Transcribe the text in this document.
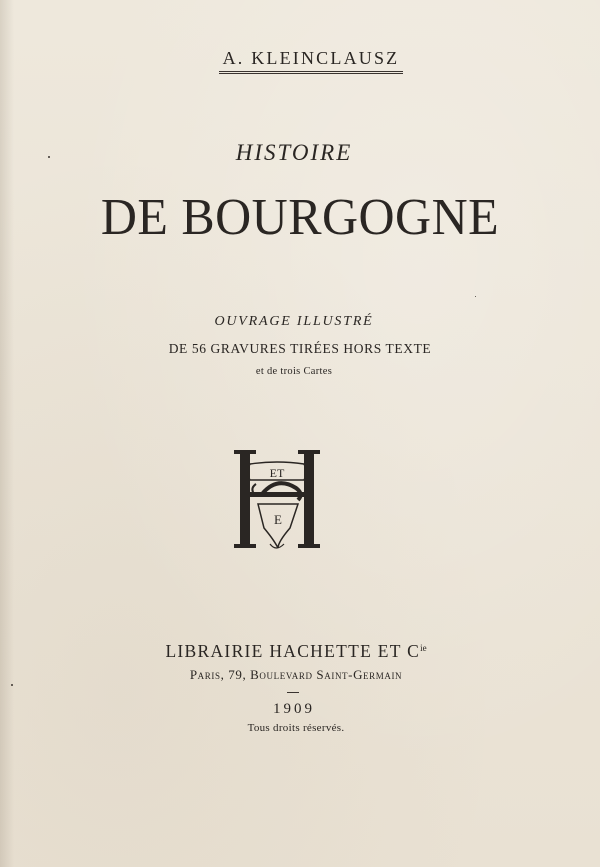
A. KLEINCLAUSZ
HISTOIRE
DE BOURGOGNE
OUVRAGE ILLUSTRÉ
DE 56 GRAVURES TIRÉES HORS TEXTE
et de trois Cartes
ET
E
LIBRAIRIE HACHETTE ET $C^{ie}$
Paris, 79, Boulevard Saint-Germain
1909
Tous droits réservés.
